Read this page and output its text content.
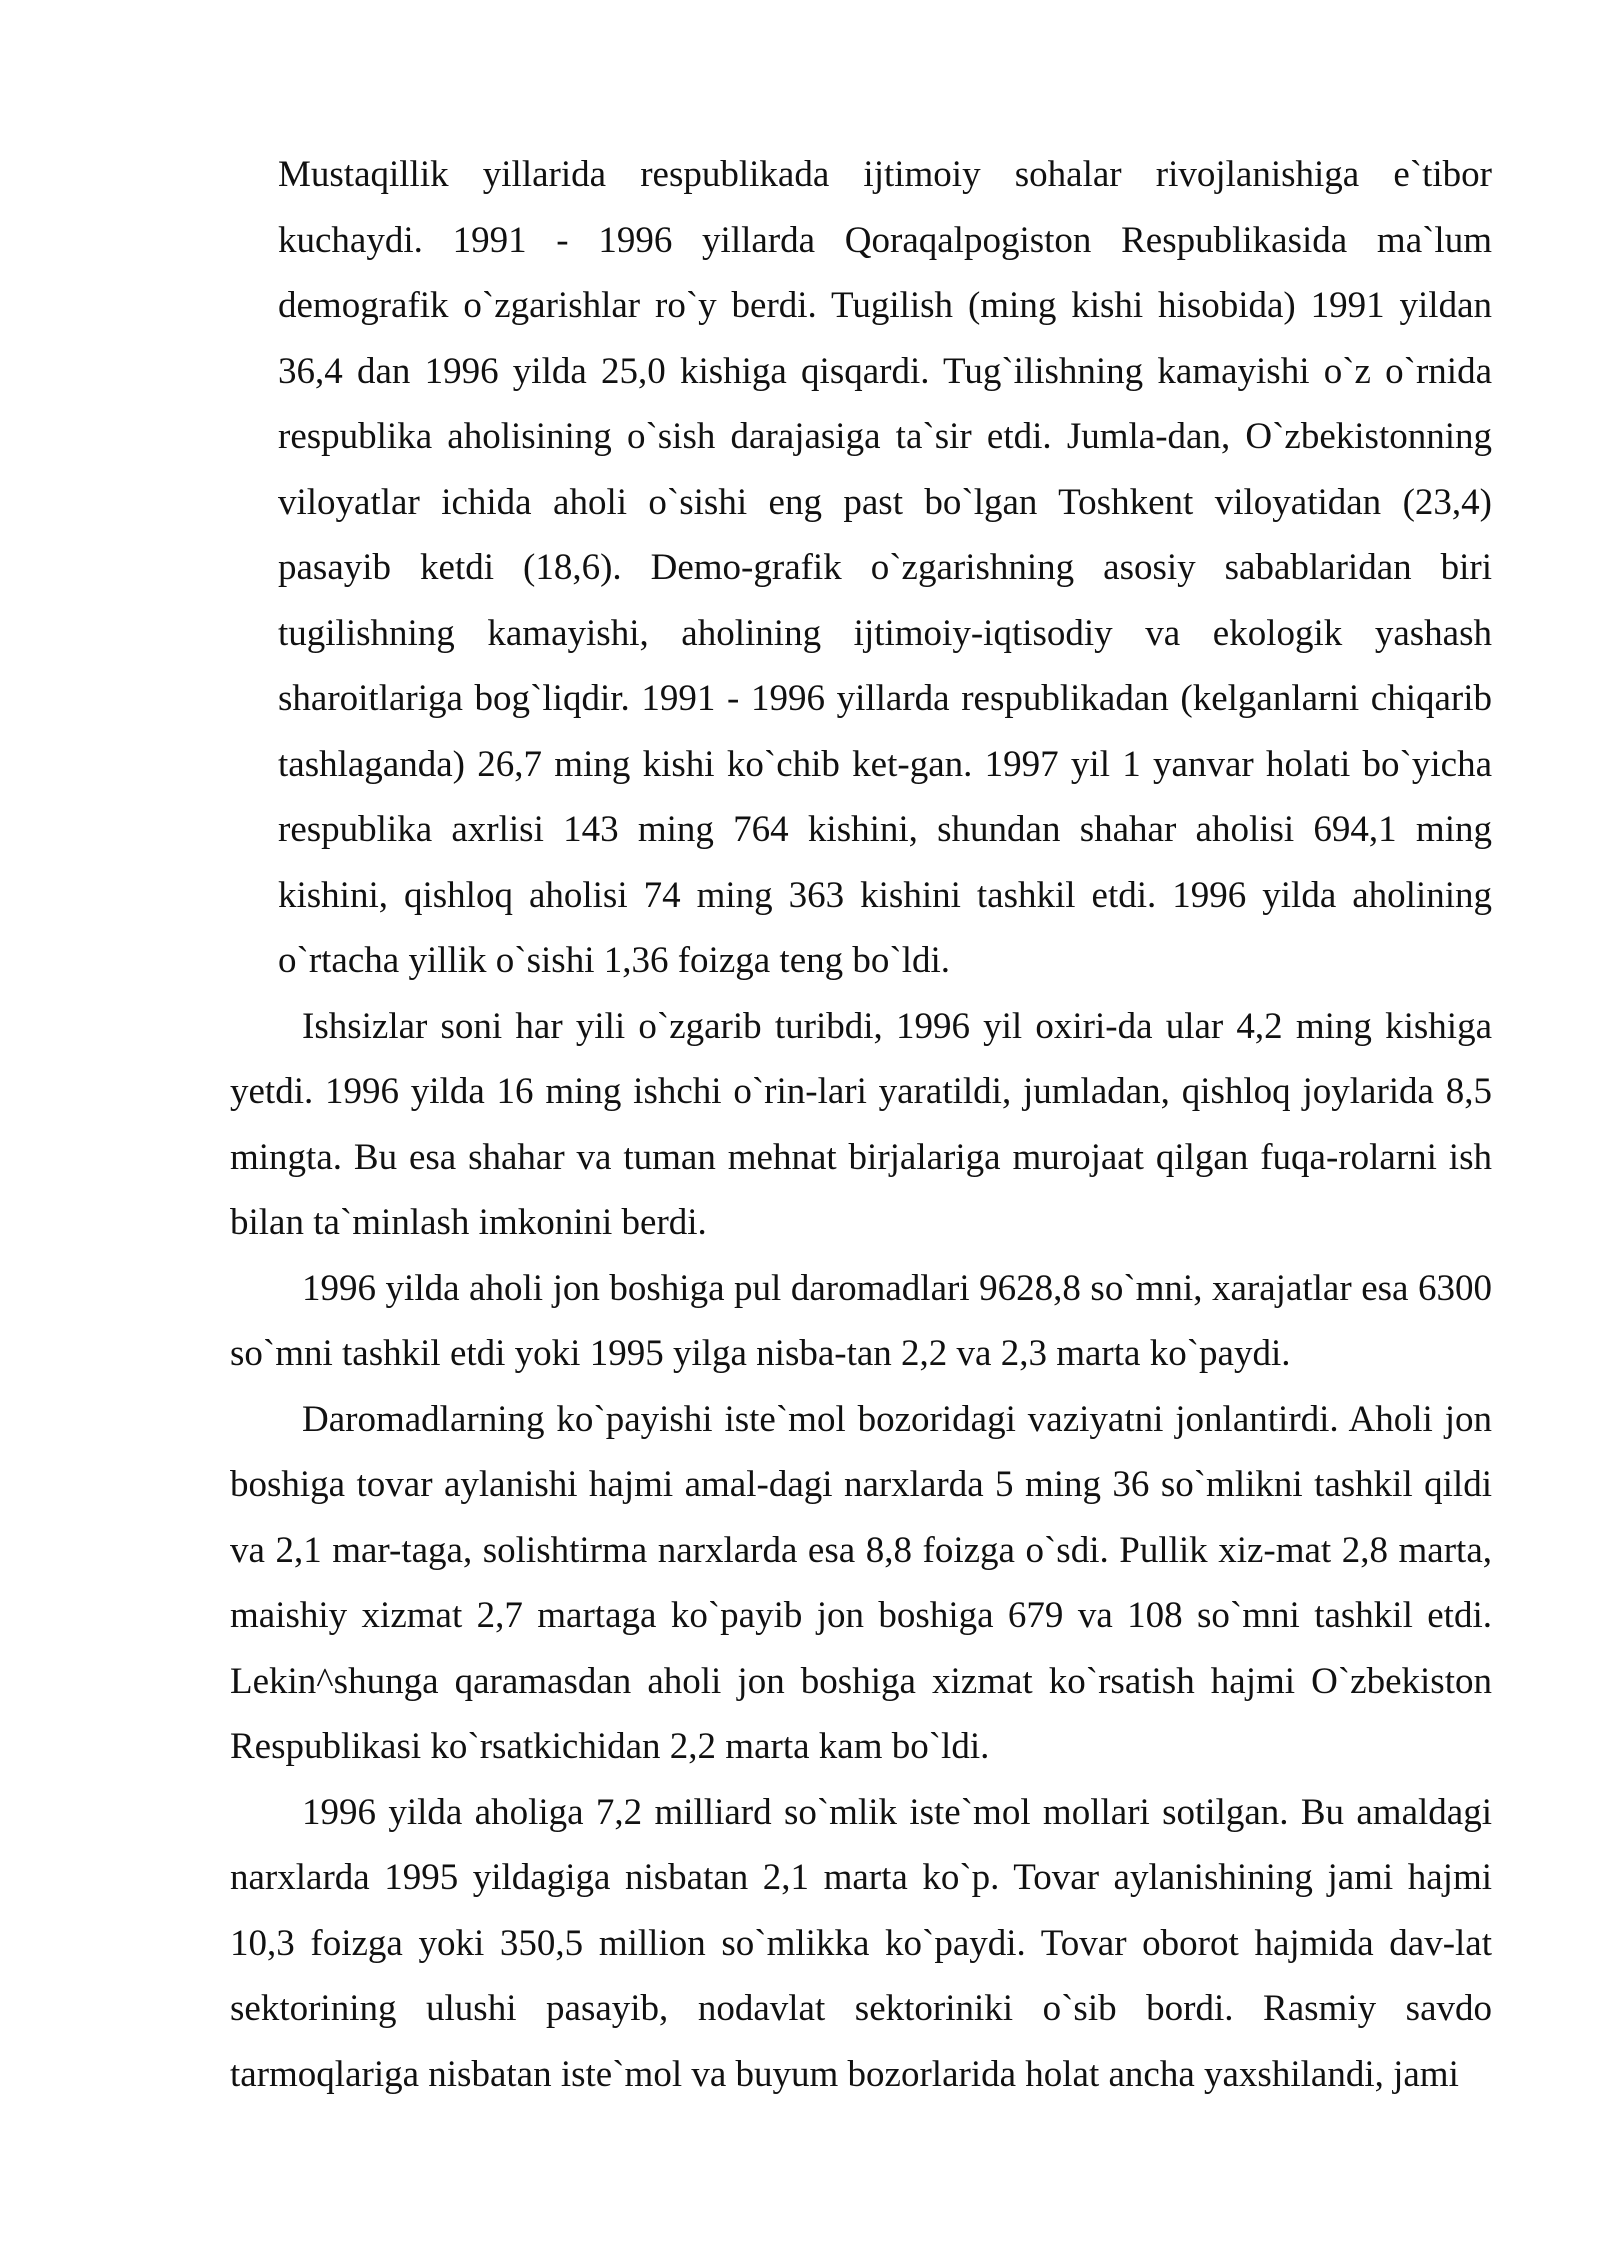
Mustaqillik yillarida respublikada ijtimoiy sohalar rivojlanishiga e`tibor kuchaydi. 1991 - 1996 yillarda Qoraqalpogiston Respublikasida ma`lum demografik o`zgarishlar ro`y berdi. Tugilish (ming kishi hisobida) 1991 yildan 36,4 dan 1996 yilda 25,0 kishiga qisqardi. Tug`ilishning kamayishi o`z o`rnida respublika aholisining o`sish darajasiga ta`sir etdi. Jumla-dan, O`zbekistonning viloyatlar ichida aholi o`sishi eng past bo`lgan Toshkent viloyatidan (23,4) pasayib ketdi (18,6). Demo-grafik o`zgarishning asosiy sabablaridan biri tugilishning kamayishi, aholining ijtimoiy-iqtisodiy va ekologik yashash sharoitlariga bog`liqdir. 1991 - 1996 yillarda respublikadan (kelganlarni chiqarib tashlaganda) 26,7 ming kishi ko`chib ket-gan. 1997 yil 1 yanvar holati bo`yicha respublika axrlisi 143 ming 764 kishini, shundan shahar aholisi 694,1 ming kishini, qishloq aholisi 74 ming 363 kishini tashkil etdi. 1996 yilda aholining o`rtacha yillik o`sishi 1,36 foizga teng bo`ldi.

Ishsizlar soni har yili o`zgarib turibdi, 1996 yil oxiri-da ular 4,2 ming kishiga yetdi. 1996 yilda 16 ming ishchi o`rin-lari yaratildi, jumladan, qishloq joylarida 8,5 mingta. Bu esa shahar va tuman mehnat birjalariga murojaat qilgan fuqa-rolarni ish bilan ta`minlash imkonini berdi.

1996 yilda aholi jon boshiga pul daromadlari 9628,8 so`mni, xarajatlar esa 6300 so`mni tashkil etdi yoki 1995 yilga nisba-tan 2,2 va 2,3 marta ko`paydi.

Daromadlarning ko`payishi iste`mol bozoridagi vaziyatni jonlantirdi. Aholi jon boshiga tovar aylanishi hajmi amal-dagi narxlarda 5 ming 36 so`mlikni tashkil qildi va 2,1 mar-taga, solishtirma narxlarda esa 8,8 foizga o`sdi. Pullik xiz-mat 2,8 marta, maishiy xizmat 2,7 martaga ko`payib jon boshiga 679 va 108 so`mni tashkil etdi. Lekin^shunga qaramasdan aholi jon boshiga xizmat ko`rsatish hajmi O`zbekiston Respublikasi ko`rsatkichidan 2,2 marta kam bo`ldi.

1996 yilda aholiga 7,2 milliard so`mlik iste`mol mollari sotilgan. Bu amaldagi narxlarda 1995 yildagiga nisbatan 2,1 marta ko`p. Tovar aylanishining jami hajmi 10,3 foizga yoki 350,5 million so`mlikka ko`paydi. Tovar oborot hajmida dav-lat sektorining ulushi pasayib, nodavlat sektoriniki o`sib bordi. Rasmiy savdo tarmoqlariga nisbatan iste`mol va buyum bozorlarida holat ancha yaxshilandi, jami
